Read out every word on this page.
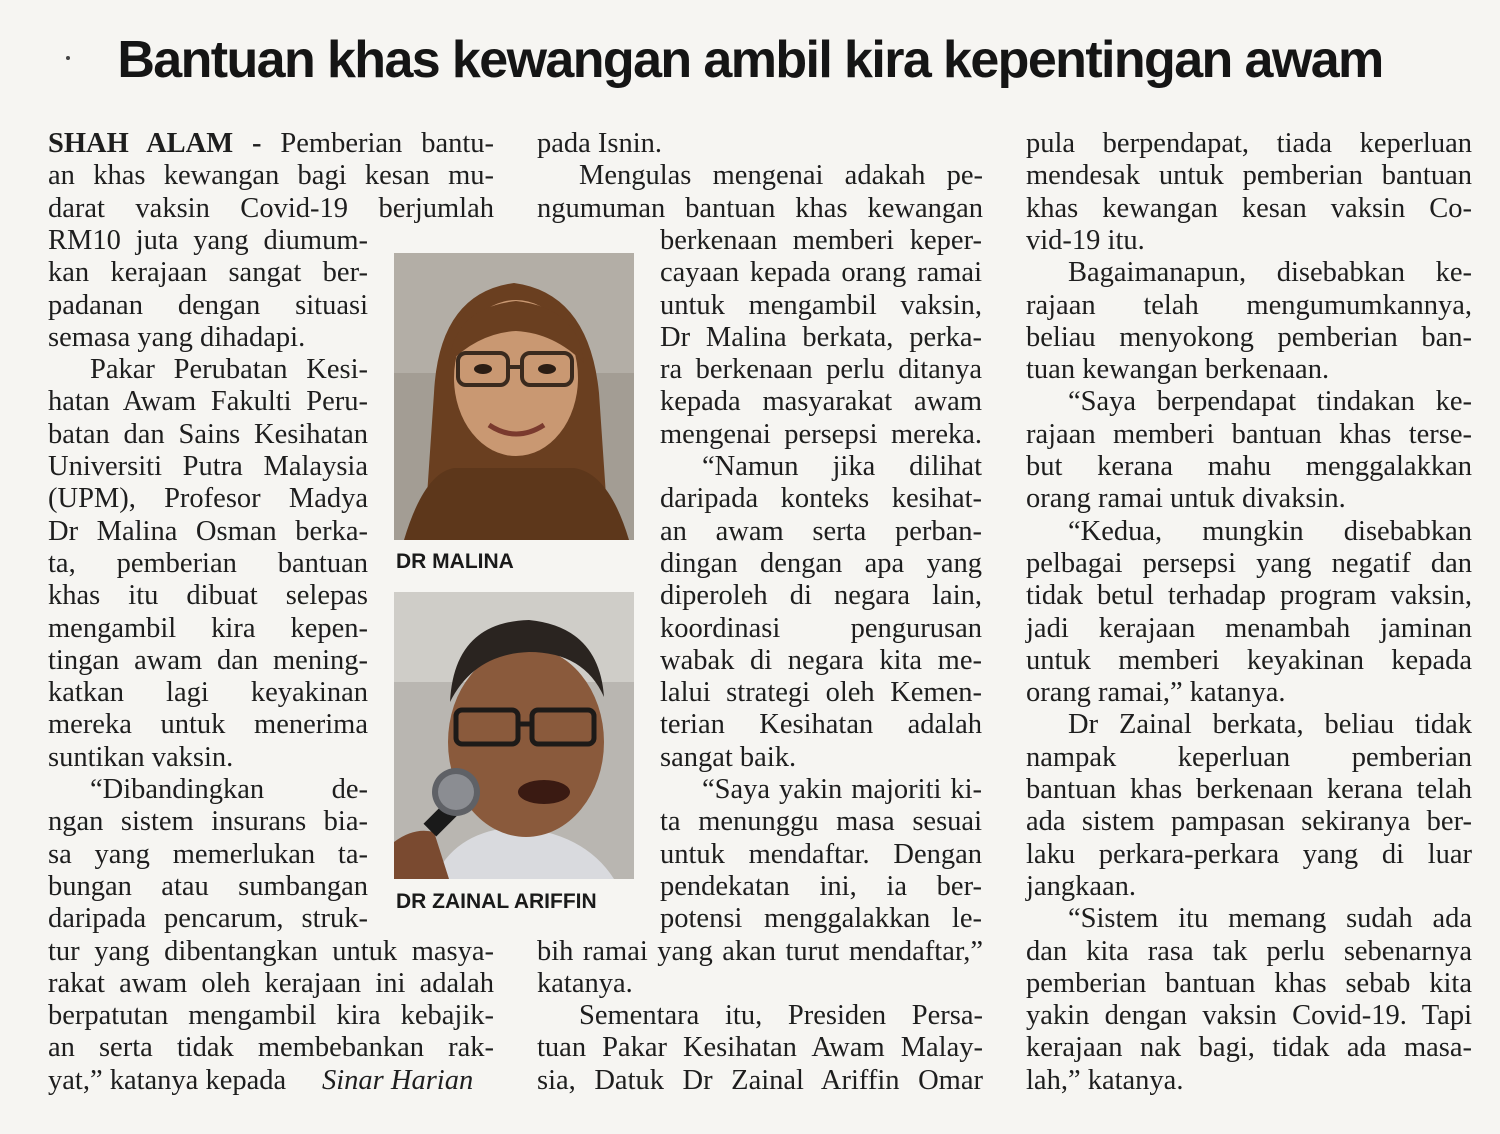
Bantuan khas kewangan ambil kira kepentingan awam
SHAH ALAM - Pemberian bantu-
an khas kewangan bagi kesan mu-
darat vaksin Covid-19 berjumlah
RM10 juta yang diumum-
kan kerajaan sangat ber-
padanan dengan situasi
semasa yang dihadapi.
Pakar Perubatan Kesi-
hatan Awam Fakulti Peru-
batan dan Sains Kesihatan
Universiti Putra Malaysia
(UPM), Profesor Madya
Dr Malina Osman berka-
ta, pemberian bantuan
khas itu dibuat selepas
mengambil kira kepen-
tingan awam dan mening-
katkan lagi keyakinan
mereka untuk menerima
suntikan vaksin.
“Dibandingkan de-
ngan sistem insurans bia-
sa yang memerlukan ta-
bungan atau sumbangan
daripada pencarum, struk-
tur yang dibentangkan untuk masya-
rakat awam oleh kerajaan ini adalah
berpatutan mengambil kira kebajik-
an serta tidak membebankan rak-
yat,” katanya kepada Sinar Harian
pada Isnin.
Mengulas mengenai adakah pe-
ngumuman bantuan khas kewangan
berkenaan memberi keper-
cayaan kepada orang ramai
untuk mengambil vaksin,
Dr Malina berkata, perka-
ra berkenaan perlu ditanya
kepada masyarakat awam
mengenai persepsi mereka.
“Namun jika dilihat
daripada konteks kesihat-
an awam serta perban-
dingan dengan apa yang
diperoleh di negara lain,
koordinasi pengurusan
wabak di negara kita me-
lalui strategi oleh Kemen-
terian Kesihatan adalah
sangat baik.
“Saya yakin majoriti ki-
ta menunggu masa sesuai
untuk mendaftar. Dengan
pendekatan ini, ia ber-
potensi menggalakkan le-
bih ramai yang akan turut mendaftar,”
katanya.
Sementara itu, Presiden Persa-
tuan Pakar Kesihatan Awam Malay-
sia, Datuk Dr Zainal Ariffin Omar
pula berpendapat, tiada keperluan
mendesak untuk pemberian bantuan
khas kewangan kesan vaksin Co-
vid-19 itu.
Bagaimanapun, disebabkan ke-
rajaan telah mengumumkannya,
beliau menyokong pemberian ban-
tuan kewangan berkenaan.
“Saya berpendapat tindakan ke-
rajaan memberi bantuan khas terse-
but kerana mahu menggalakkan
orang ramai untuk divaksin.
“Kedua, mungkin disebabkan
pelbagai persepsi yang negatif dan
tidak betul terhadap program vaksin,
jadi kerajaan menambah jaminan
untuk memberi keyakinan kepada
orang ramai,” katanya.
Dr Zainal berkata, beliau tidak
nampak keperluan pemberian
bantuan khas berkenaan kerana telah
ada sistem pampasan sekiranya ber-
laku perkara-perkara yang di luar
jangkaan.
“Sistem itu memang sudah ada
dan kita rasa tak perlu sebenarnya
pemberian bantuan khas sebab kita
yakin dengan vaksin Covid-19. Tapi
kerajaan nak bagi, tidak ada masa-
lah,” katanya.
DR MALINA
DR ZAINAL ARIFFIN
